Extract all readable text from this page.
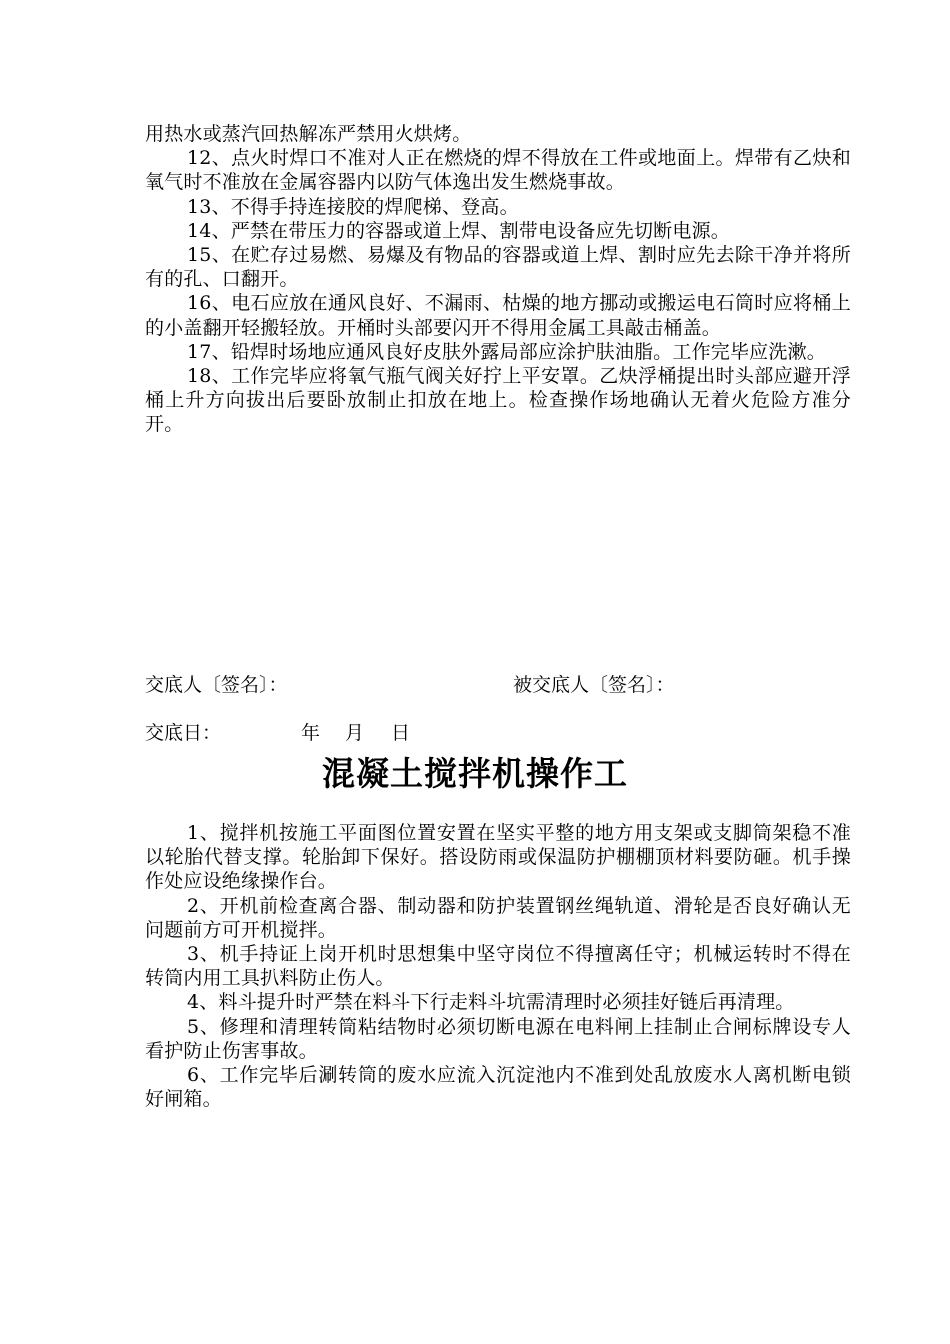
用热水或蒸汽回热解冻严禁用火烘烤。

12、点火时焊口不准对人正在燃烧的焊不得放在工件或地面上。焊带有乙炔和氧气时不准放在金属容器内以防气体逸出发生燃烧事故。

13、不得手持连接胶的焊爬梯、登高。

14、严禁在带压力的容器或道上焊、割带电设备应先切断电源。

15、在贮存过易燃、易爆及有物品的容器或道上焊、割时应先去除干净并将所有的孔、口翻开。

16、电石应放在通风良好、不漏雨、枯燥的地方挪动或搬运电石筒时应将桶上的小盖翻开轻搬轻放。开桶时头部要闪开不得用金属工具敲击桶盖。

17、铅焊时场地应通风良好皮肤外露局部应涂护肤油脂。工作完毕应洗漱。

18、工作完毕应将氧气瓶气阀关好拧上平安罩。乙炔浮桶提出时头部应避开浮桶上升方向拔出后要卧放制止扣放在地上。检查操作场地确认无着火危险方准分开。

交底人〔签名〕：	被交底人〔签名〕：
交底日：	年 月 日
混凝土搅拌机操作工

1、搅拌机按施工平面图位置安置在坚实平整的地方用支架或支脚筒架稳不准以轮胎代替支撑。轮胎卸下保好。搭设防雨或保温防护棚棚顶材料要防砸。机手操作处应设绝缘操作台。

2、开机前检查离合器、制动器和防护装置钢丝绳轨道、滑轮是否良好确认无问题前方可开机搅拌。

3、机手持证上岗开机时思想集中坚守岗位不得擅离任守；机械运转时不得在转筒内用工具扒料防止伤人。

4、料斗提升时严禁在料斗下行走料斗坑需清理时必须挂好链后再清理。

5、修理和清理转筒粘结物时必须切断电源在电料闸上挂制止合闸标牌设专人看护防止伤害事故。

6、工作完毕后涮转筒的废水应流入沉淀池内不准到处乱放废水人离机断电锁好闸箱。
